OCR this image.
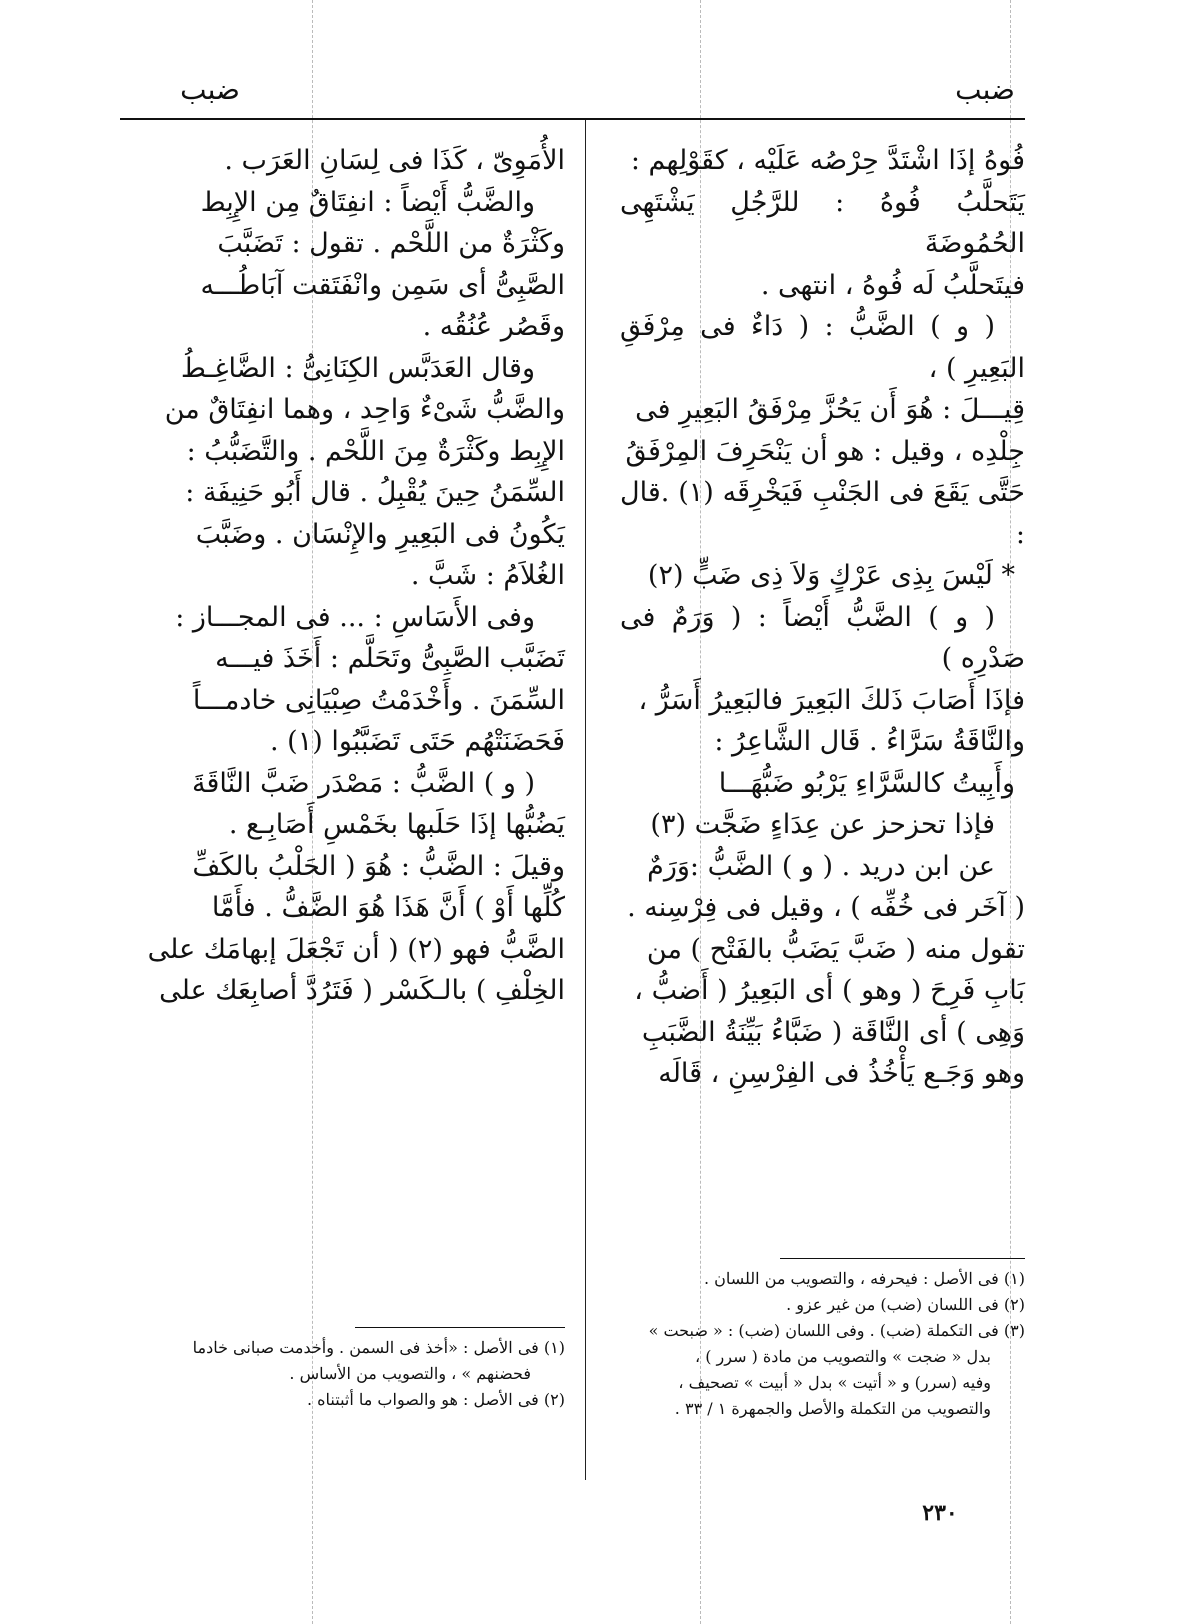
ضبب	ضبب

فُوهُ إذَا اشْتَدَّ حِرْصُه عَلَيْه ، كقَوْلِهم :

يَتَحلَّبُ فُوهُ : للرَّجُلِ يَشْتَهِى الحُمُوضَةَ

فيتَحلَّبُ لَه فُوهُ ، انتهى .

( و ) الضَّبُّ : ( دَاءٌ فى مِرْفَقِ البَعِيرِ ) ،

قِيـــلَ : هُوَ أَن يَحُزَّ مِرْفَقُ البَعِيرِ فى

جِلْدِه ، وقيل : هو أن يَنْحَرِفَ المِرْفَقُ

حَتَّى يَقَعَ فى الجَنْبِ فَيَخْرِقَه (١) .قال :

* لَيْسَ بِذِى عَرْكٍ وَلاَ ذِى ضَبٍّ (٢)

( و ) الضَّبُّ أَيْضاً : ( وَرَمٌ فى صَدْرِه )

فإذَا أَصَابَ ذَلكَ البَعِيرَ فالبَعِيرُ أَسَرُّ ،

والنَّاقَةُ سَرَّاءُ . قَال الشَّاعِرُ :

وأَبِيتُ كالسَّرَّاءِ يَرْبُو ضَبُّهَـــا

فإذا تحزحز عن عِدَاءٍ ضَجَّت (٣)

عن ابن دريد . ( و ) الضَّبُّ :وَرَمٌ

( آخَر فى خُفِّه ) ، وقيل فى فِرْسِنه .

تقول منه ( ضَبَّ يَضَبُّ بالفَتْح ) من

بَابِ فَرِحَ ( وهو ) أى البَعِيرُ ( أَضبُّ ،

وَهِى ) أى النَّاقَة ( ضَبَّاءُ بَيِّنَةُ الضَّبَبِ

وهو وَجَـع يَأْخُذُ فى الفِرْسِنِ ، قَالَه

الأُمَوِىّ ، كَذَا فى لِسَانِ العَرَب .

والضَّبُّ أَيْضاً : انفِتَاقٌ مِن الإِبِط

وكَثْرَةٌ من اللَّحْم . تقول : تَضَبَّبَ

الصَّبِىُّ أى سَمِن وانْفَتَقت آبَاطُـــه

وقَصُر عُنُقُه .

وقال العَدَبَّس الكِنَانِىُّ : الضَّاغِـطُ

والضَّبُّ شَىْءٌ وَاحِد ، وهما انفِتَاقٌ من

الإِبِط وكَثْرَةٌ مِنَ اللَّحْم . والتَّضَبُّبُ :

السِّمَنُ حِينَ يُقْبِلُ . قال أَبُو حَنِيفَة :

يَكُونُ فى البَعِيرِ والإِنْسَان . وضَبَّبَ

الغُلاَمُ : شَبَّ .

وفى الأَسَاسِ : ... فى المجـــاز :

تَضَبَّب الصَّبِىُّ وتَحَلَّم : أَخَذَ فيـــه

السِّمَنَ . وأَخْدَمْتُ صِبْيَانِى خادمـــاً

فَحَضَنَتْهُم حَتَى تَضَبَّبُوا (١) .

( و ) الضَّبُّ : مَصْدَر ضَبَّ النَّاقَةَ

يَضُبُّها إذَا حَلَبها بخَمْسِ أَصَابِـع .

وقيلَ : الضَّبُّ : هُوَ ( الحَلْبُ بالكَفِّ

كُلِّها أَوْ ) أَنَّ هَذَا هُوَ الضَّفُّ . فأَمَّا

الضَّبُّ فهو (٢) ( أن تَجْعَلَ إبهامَك على

الخِلْفِ ) بالـكَسْر ( فَتَرُدَّ أصابِعَك على

(١) فى الأصل : فيحرفه ، والتصويب من اللسان .

(٢) فى اللسان (ضب) من غير عزو .

(٣) فى التكملة (ضب) . وفى اللسان (ضب) : « ضبحت »

بدل « ضجت » والتصويب من مادة ( سرر ) ،

وفيه (سرر) و « أتيت » بدل « أبيت » تصحيف ،

والتصويب من التكملة والأصل والجمهرة ١ / ٣٣ .

(١) فى الأصل : «أخذ فى السمن . وأخدمت صبانى خادما

فحضنهم » ، والتصويب من الأساس .

(٢) فى الأصل : هو والصواب ما أثبتناه .

٢٣٠
